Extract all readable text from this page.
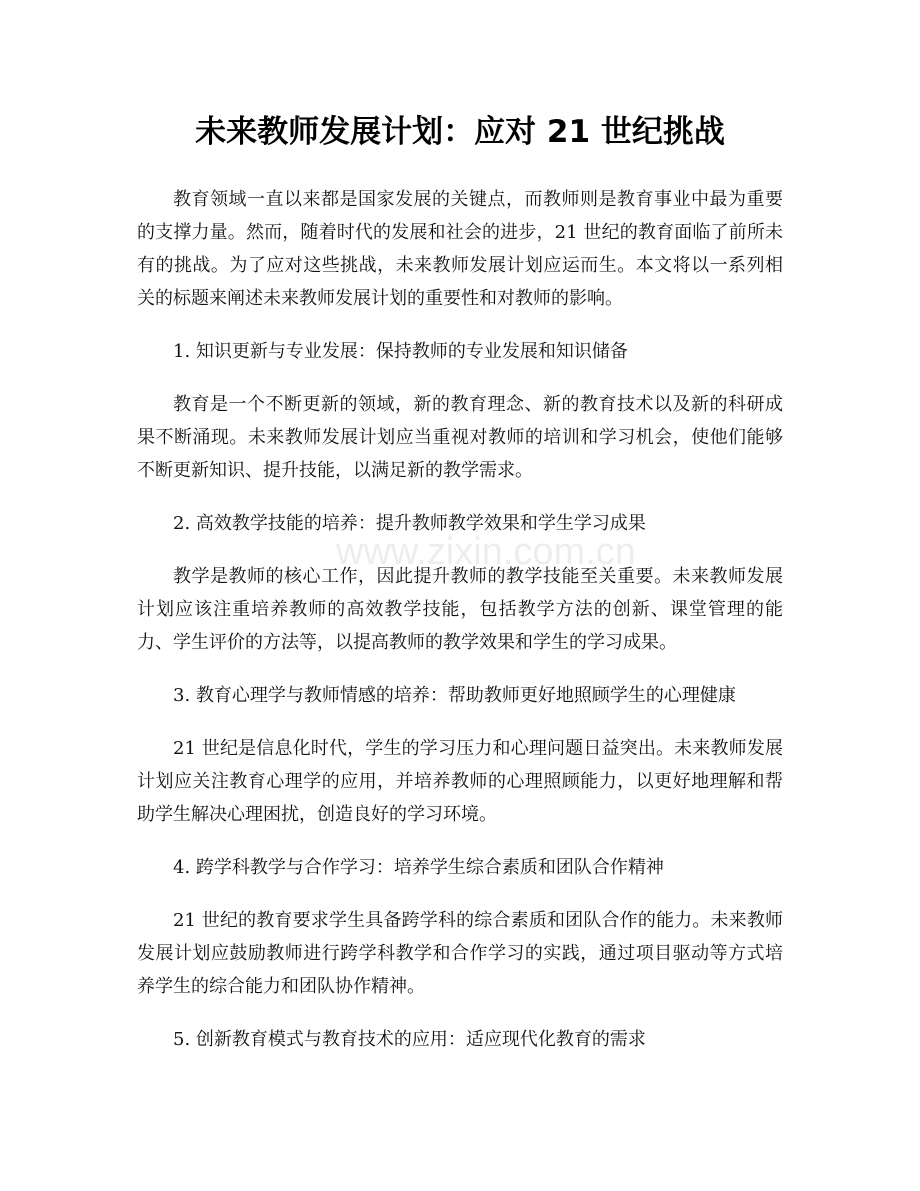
www.zixin.com.cn
未来教师发展计划：应对 21 世纪挑战

教育领域一直以来都是国家发展的关键点，而教师则是教育事业中最为重要的支撑力量。然而，随着时代的发展和社会的进步，21 世纪的教育面临了前所未有的挑战。为了应对这些挑战，未来教师发展计划应运而生。本文将以一系列相关的标题来阐述未来教师发展计划的重要性和对教师的影响。

1. 知识更新与专业发展：保持教师的专业发展和知识储备

教育是一个不断更新的领域，新的教育理念、新的教育技术以及新的科研成果不断涌现。未来教师发展计划应当重视对教师的培训和学习机会，使他们能够不断更新知识、提升技能，以满足新的教学需求。

2. 高效教学技能的培养：提升教师教学效果和学生学习成果

教学是教师的核心工作，因此提升教师的教学技能至关重要。未来教师发展计划应该注重培养教师的高效教学技能，包括教学方法的创新、课堂管理的能力、学生评价的方法等，以提高教师的教学效果和学生的学习成果。

3. 教育心理学与教师情感的培养：帮助教师更好地照顾学生的心理健康

21 世纪是信息化时代，学生的学习压力和心理问题日益突出。未来教师发展计划应关注教育心理学的应用，并培养教师的心理照顾能力，以更好地理解和帮助学生解决心理困扰，创造良好的学习环境。

4. 跨学科教学与合作学习：培养学生综合素质和团队合作精神

21 世纪的教育要求学生具备跨学科的综合素质和团队合作的能力。未来教师发展计划应鼓励教师进行跨学科教学和合作学习的实践，通过项目驱动等方式培养学生的综合能力和团队协作精神。

5. 创新教育模式与教育技术的应用：适应现代化教育的需求
